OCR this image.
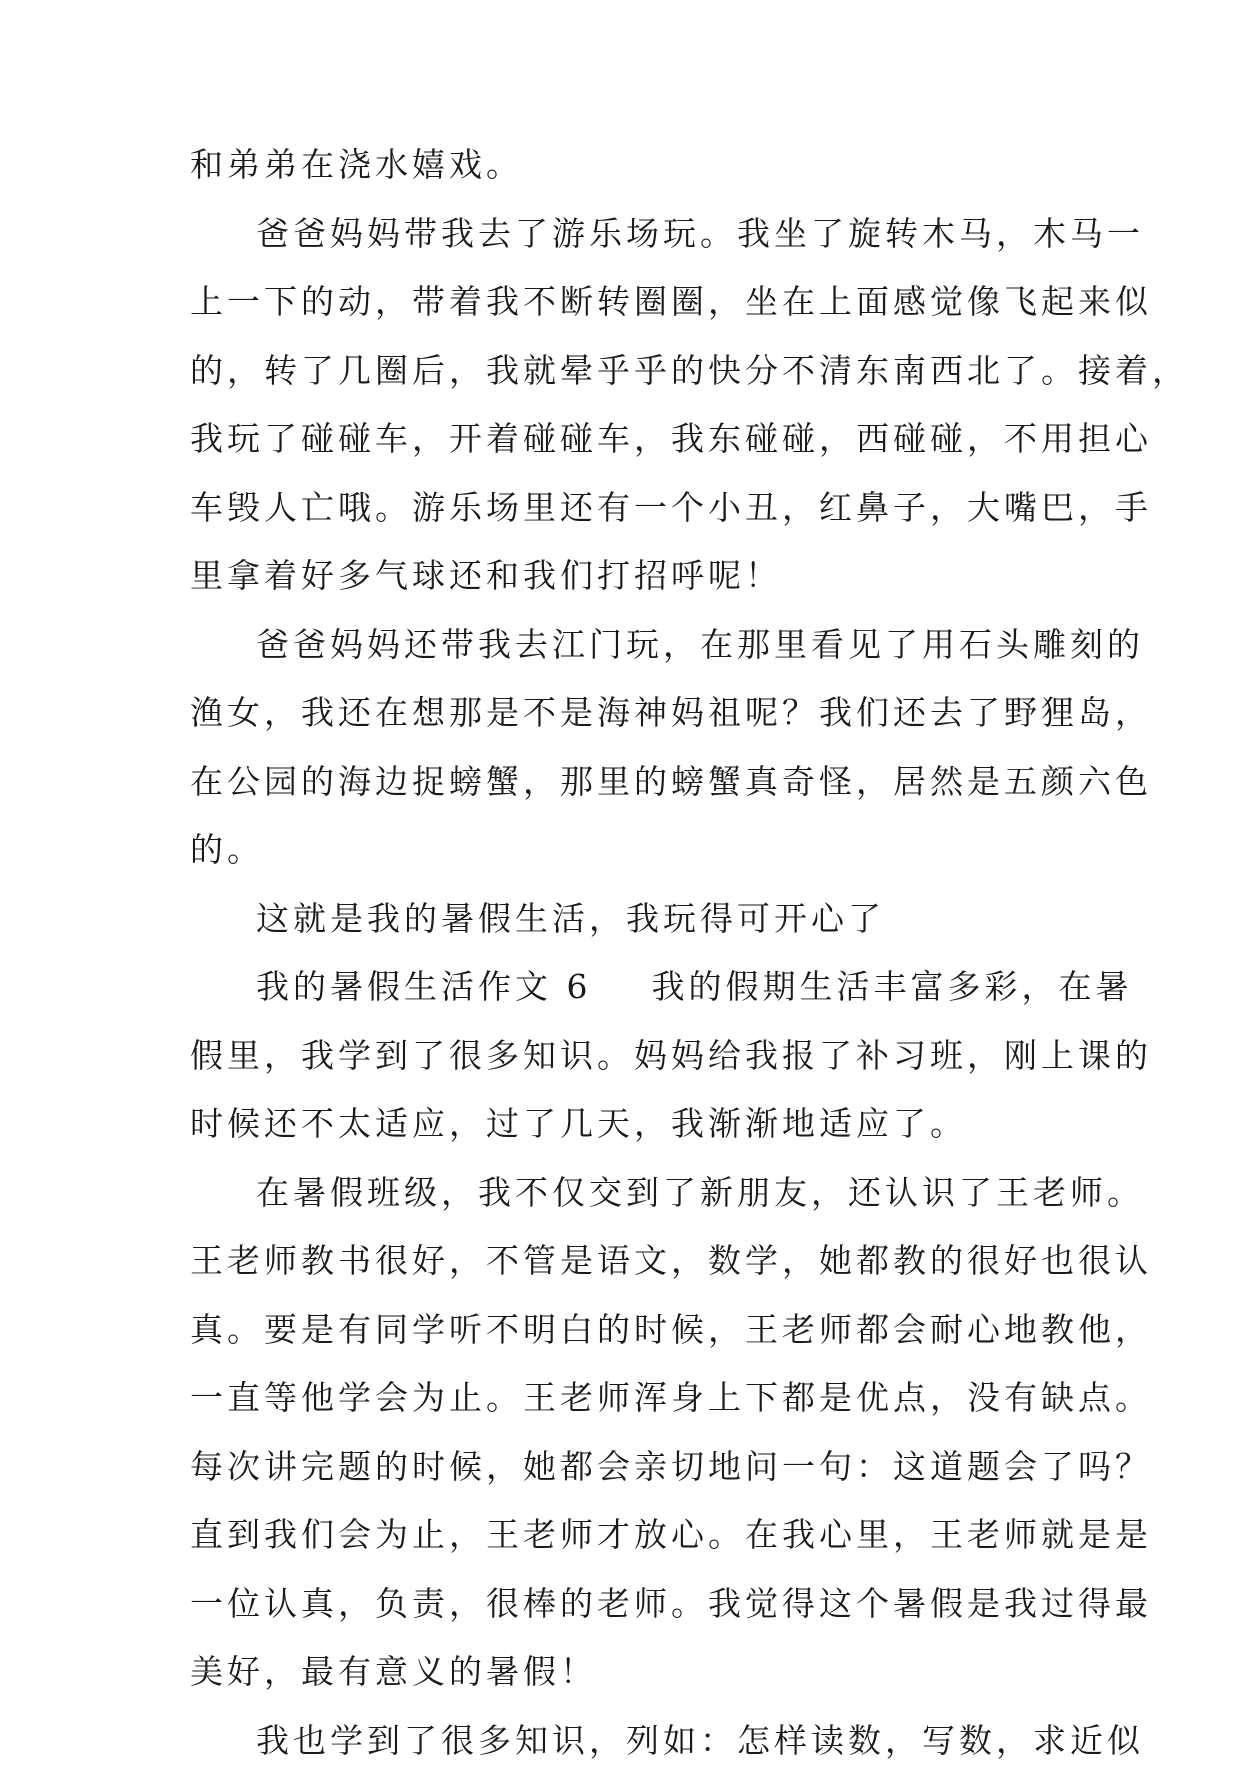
和弟弟在浇水嬉戏。
爸爸妈妈带我去了游乐场玩。我坐了旋转木马，木马一
上一下的动，带着我不断转圈圈，坐在上面感觉像飞起来似
的，转了几圈后，我就晕乎乎的快分不清东南西北了。接着，
我玩了碰碰车，开着碰碰车，我东碰碰，西碰碰，不用担心
车毁人亡哦。游乐场里还有一个小丑，红鼻子，大嘴巴，手
里拿着好多气球还和我们打招呼呢！
爸爸妈妈还带我去江门玩，在那里看见了用石头雕刻的
渔女，我还在想那是不是海神妈祖呢？我们还去了野狸岛，
在公园的海边捉螃蟹，那里的螃蟹真奇怪，居然是五颜六色
的。
这就是我的暑假生活，我玩得可开心了
我的暑假生活作文 6 我的假期生活丰富多彩，在暑
假里，我学到了很多知识。妈妈给我报了补习班，刚上课的
时候还不太适应，过了几天，我渐渐地适应了。
在暑假班级，我不仅交到了新朋友，还认识了王老师。
王老师教书很好，不管是语文，数学，她都教的很好也很认
真。要是有同学听不明白的时候，王老师都会耐心地教他，
一直等他学会为止。王老师浑身上下都是优点，没有缺点。
每次讲完题的时候，她都会亲切地问一句：这道题会了吗？
直到我们会为止，王老师才放心。在我心里，王老师就是是
一位认真，负责，很棒的老师。我觉得这个暑假是我过得最
美好，最有意义的暑假！
我也学到了很多知识，列如：怎样读数，写数，求近似
